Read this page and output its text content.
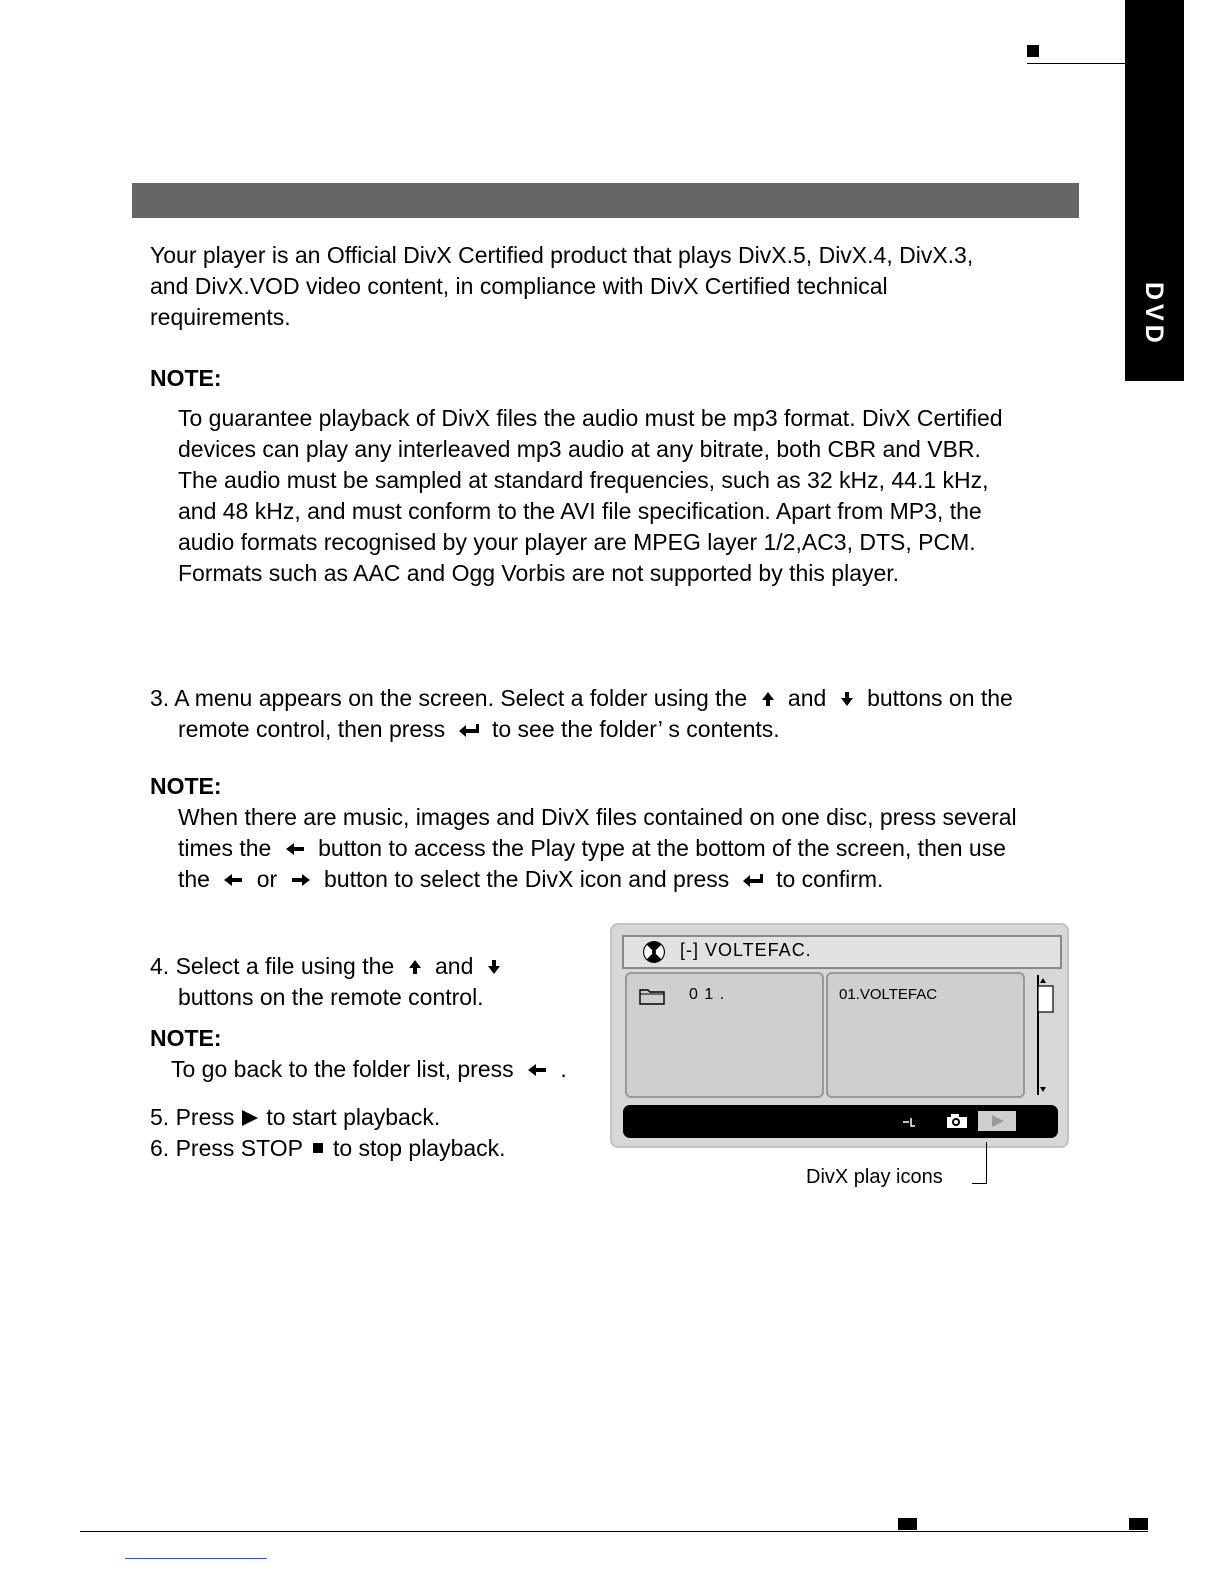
DVD

Your player is an Official DivX Certified product that plays DivX.5, DivX.4, DivX.3,

and DivX.VOD video content, in compliance with DivX Certified technical

requirements.

NOTE:

To guarantee playback of DivX files the audio must be mp3 format. DivX Certified

devices can play any interleaved mp3 audio at any bitrate, both CBR and VBR.

The audio must be sampled at standard frequencies, such as 32 kHz, 44.1 kHz,

and 48 kHz, and must conform to the AVI file specification. Apart from MP3, the

audio formats recognised by your player are MPEG layer 1/2,AC3, DTS, PCM.

Formats such as AAC and Ogg Vorbis are not supported by this player.

3. A menu appears on the screen. Select a folder using the and buttons on the

remote control, then press to see the folder’ s contents.

NOTE:

When there are music, images and DivX files contained on one disc, press several

times the button to access the Play type at the bottom of the screen, then use

the or button to select the DivX icon and press to confirm.

4. Select a file using the and

buttons on the remote control.

NOTE:

To go back to the folder list, press .

5. Press to start playback.

6. Press STOP to stop playback.

[-] VOLTEFAC.
0 1 .	01.VOLTEFAC
DivX play icons
